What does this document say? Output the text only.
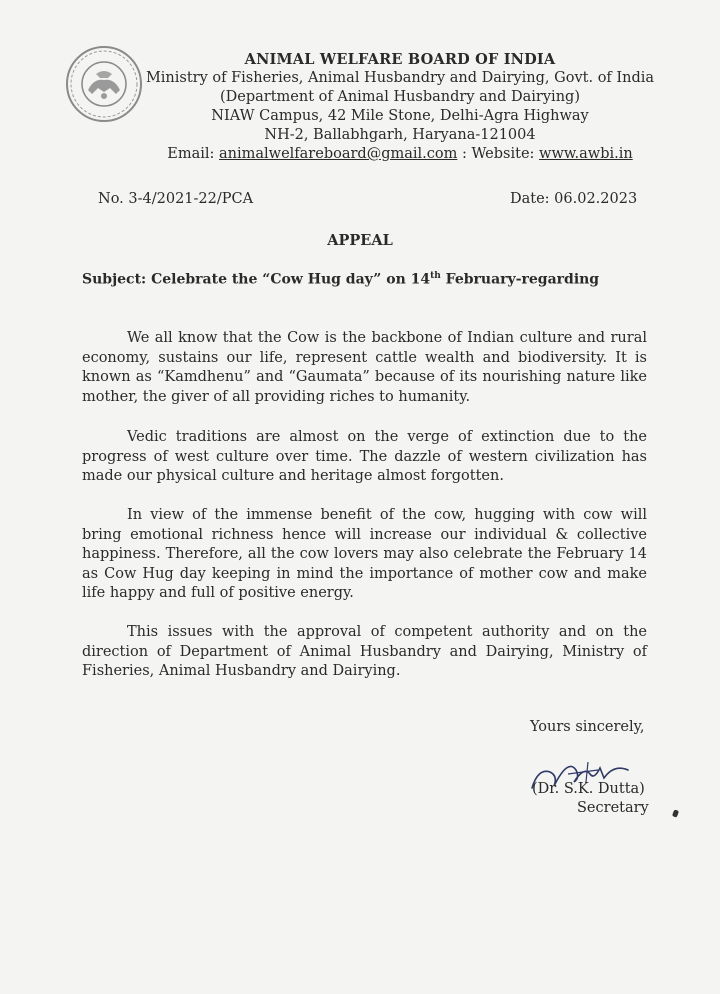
ANIMAL WELFARE BOARD OF INDIA
Ministry of Fisheries, Animal Husbandry and Dairying, Govt. of India
(Department of Animal Husbandry and Dairying)
NIAW Campus, 42 Mile Stone, Delhi-Agra Highway
NH-2, Ballabhgarh, Haryana-121004
Email: animalwelfareboard@gmail.com : Website: www.awbi.in
No. 3-4/2021-22/PCA	Date: 06.02.2023
APPEAL
Subject: Celebrate the “Cow Hug day” on 14th February-regarding

We all know that the Cow is the backbone of Indian culture and rural economy, sustains our life, represent cattle wealth and biodiversity. It is known as “Kamdhenu” and “Gaumata” because of its nourishing nature like mother, the giver of all providing riches to humanity.

Vedic traditions are almost on the verge of extinction due to the progress of west culture over time. The dazzle of western civilization has made our physical culture and heritage almost forgotten.

In view of the immense benefit of the cow, hugging with cow will bring emotional richness hence will increase our individual & collective happiness. Therefore, all the cow lovers may also celebrate the February 14 as Cow Hug day keeping in mind the importance of mother cow and make life happy and full of positive energy.

This issues with the approval of competent authority and on the direction of Department of Animal Husbandry and Dairying, Ministry of Fisheries, Animal Husbandry and Dairying.

Yours sincerely,
(Dr. S.K. Dutta)
Secretary
